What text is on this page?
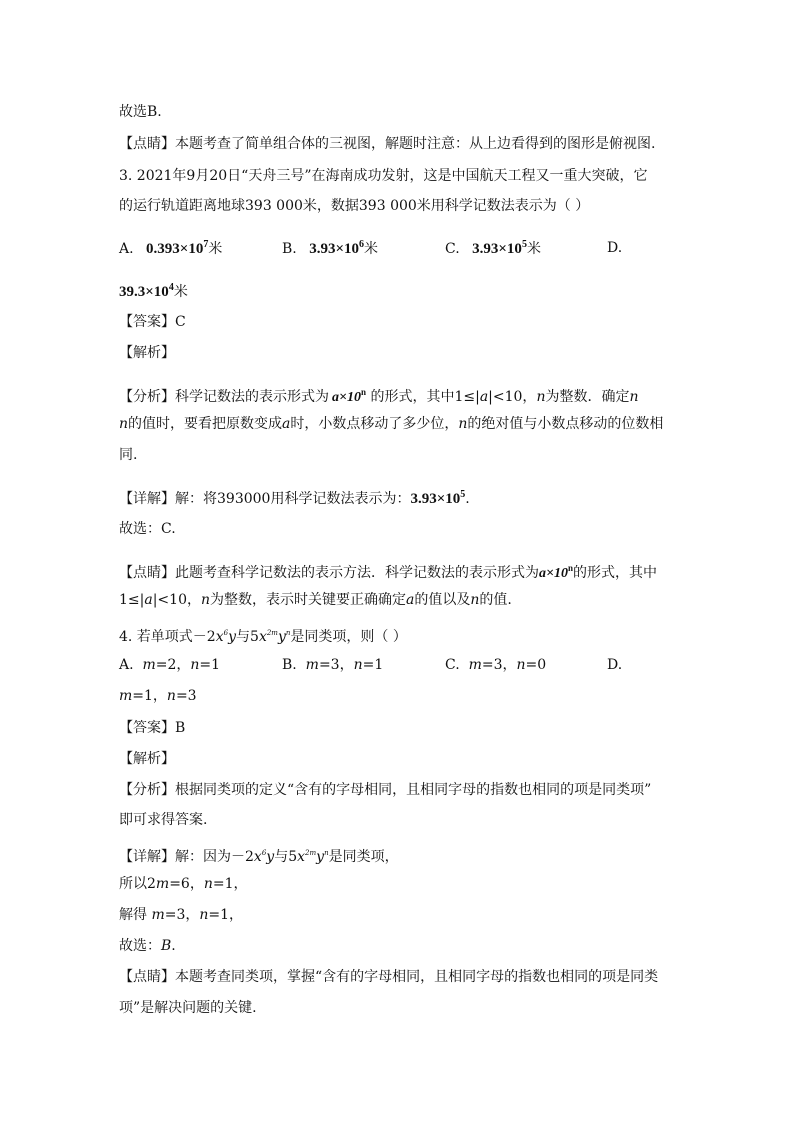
故选B.
【点睛】本题考查了简单组合体的三视图，解题时注意：从上边看得到的图形是俯视图.
3. 2021年9月20日“天舟三号”在海南成功发射，这是中国航天工程又一重大突破，它
的运行轨道距离地球393 000米，数据393 000米用科学记数法表示为（ ）
A. $0.393\times 10^7$米	B. $3.93\times 10^6$米	C. $3.93\times 10^5$米	D.
$39.3\times 10^4$米
【答案】C
【解析】
【分析】科学记数法的表示形式为 $a\times 10^n$ 的形式，其中1≤|a|<10，n为整数．确定n
n的值时，要看把原数变成a时，小数点移动了多少位，n的绝对值与小数点移动的位数相
同.
【详解】解：将393000用科学记数法表示为：$3.93\times 10^5$.
故选：C.
【点睛】此题考查科学记数法的表示方法．科学记数法的表示形式为$a\times 10^n$的形式，其中
1≤|a|<10，n为整数，表示时关键要正确确定a的值以及n的值.
4. 若单项式$-2x^6y$与$5x^{2m}y^n$是同类项，则（ ）
A. m=2，n=1	B. m=3，n=1	C. m=3，n=0	D.
m=1，n=3
【答案】B
【解析】
【分析】根据同类项的定义“含有的字母相同，且相同字母的指数也相同的项是同类项”
即可求得答案.
【详解】解：因为$-2x^6y$与$5x^{2m}y^n$是同类项，
所以2m=6，n=1，
解得 m=3，n=1，
故选：B.
【点睛】本题考查同类项，掌握“含有的字母相同，且相同字母的指数也相同的项是同类
项”是解决问题的关键.
